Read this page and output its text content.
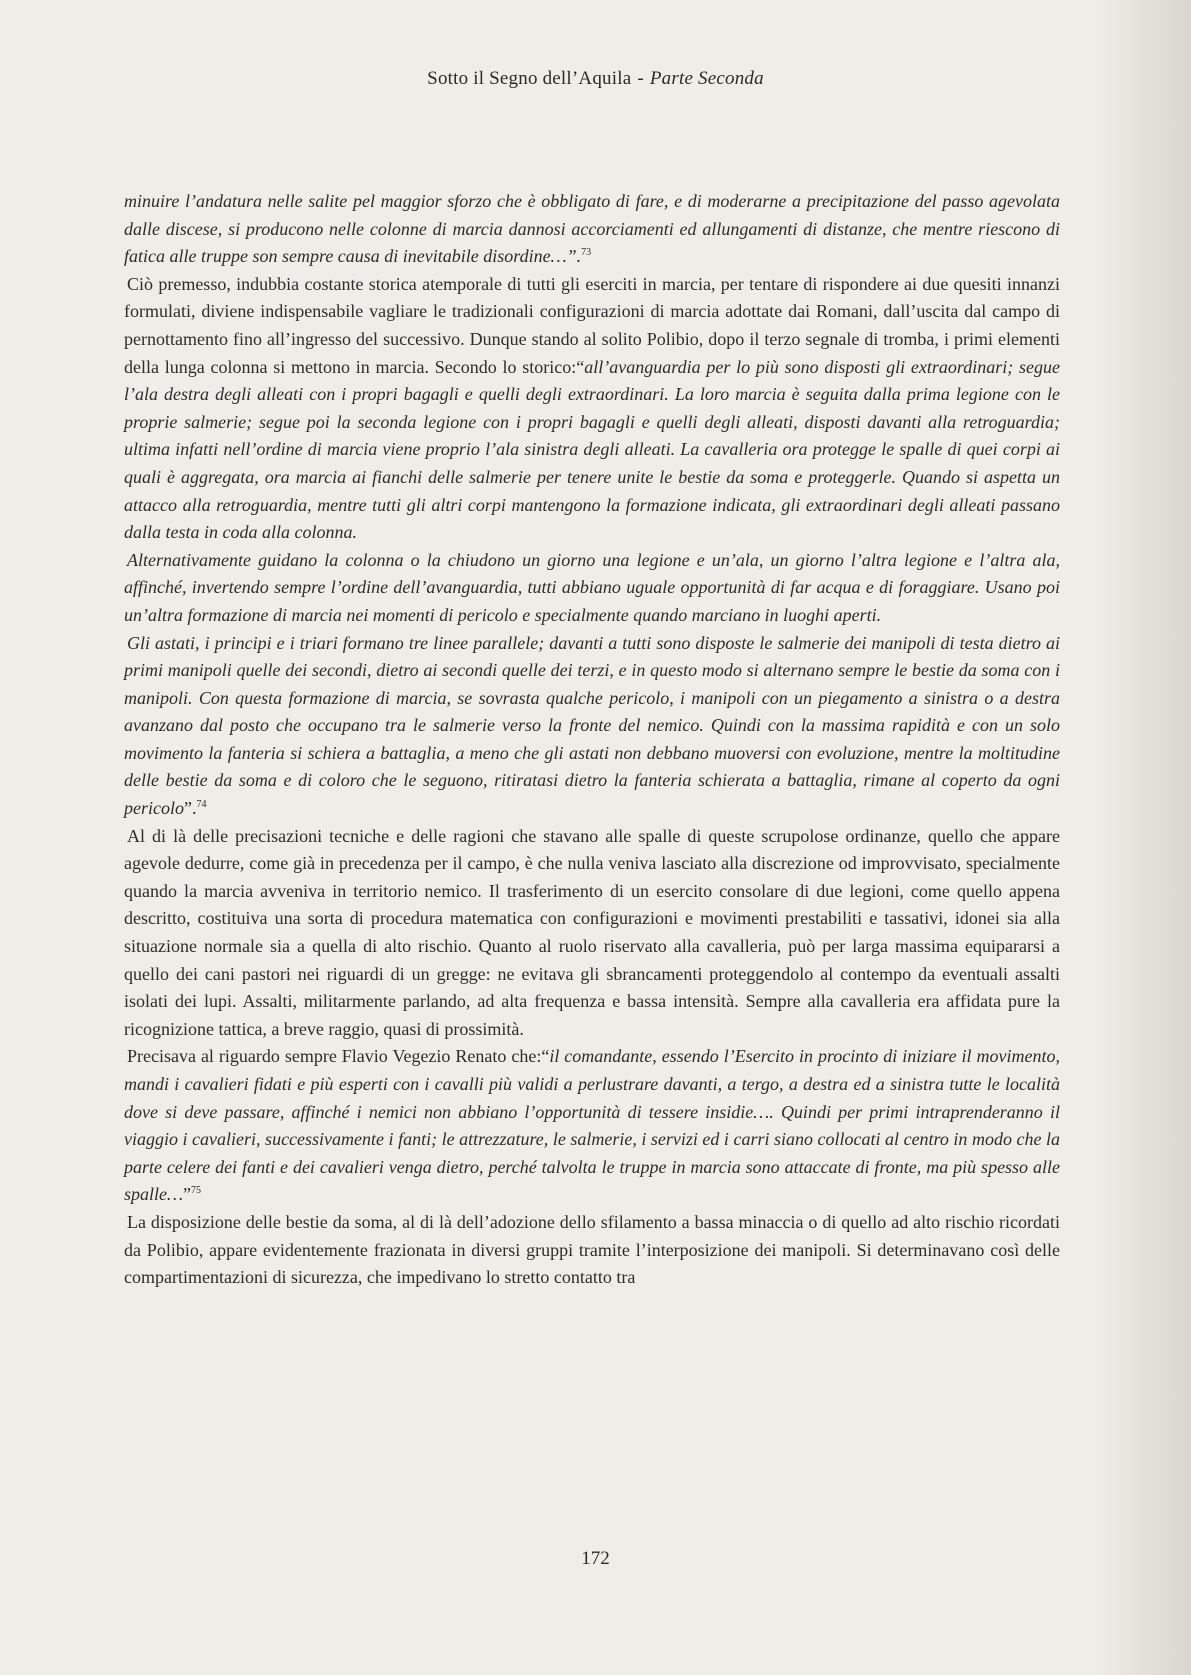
Sotto il Segno dell’Aquila - Parte Seconda

minuire l’andatura nelle salite pel maggior sforzo che è obbligato di fare, e di moderarne a precipitazione del passo agevolata dalle discese, si producono nelle colonne di marcia dannosi accorciamenti ed allungamenti di distanze, che mentre riescono di fatica alle truppe son sempre causa di inevitabile disordine…”.$^{73}$

Ciò premesso, indubbia costante storica atemporale di tutti gli eserciti in marcia, per tentare di rispondere ai due quesiti innanzi formulati, diviene indispensabile vagliare le tradizionali configurazioni di marcia adottate dai Romani, dall’uscita dal campo di pernottamento fino all’ingresso del successivo. Dunque stando al solito Polibio, dopo il terzo segnale di tromba, i primi elementi della lunga colonna si mettono in marcia. Secondo lo storico:“all’avanguardia per lo più sono disposti gli extraordinari; segue l’ala destra degli alleati con i propri bagagli e quelli degli extraordinari. La loro marcia è seguita dalla prima legione con le proprie salmerie; segue poi la seconda legione con i propri bagagli e quelli degli alleati, disposti davanti alla retroguardia; ultima infatti nell’ordine di marcia viene proprio l’ala sinistra degli alleati. La cavalleria ora protegge le spalle di quei corpi ai quali è aggregata, ora marcia ai fianchi delle salmerie per tenere unite le bestie da soma e proteggerle. Quando si aspetta un attacco alla retroguardia, mentre tutti gli altri corpi mantengono la formazione indicata, gli extraordinari degli alleati passano dalla testa in coda alla colonna.

Alternativamente guidano la colonna o la chiudono un giorno una legione e un’ala, un giorno l’altra legione e l’altra ala, affinché, invertendo sempre l’ordine dell’avanguardia, tutti abbiano uguale opportunità di far acqua e di foraggiare. Usano poi un’altra formazione di marcia nei momenti di pericolo e specialmente quando marciano in luoghi aperti.

Gli astati, i principi e i triari formano tre linee parallele; davanti a tutti sono disposte le salmerie dei manipoli di testa dietro ai primi manipoli quelle dei secondi, dietro ai secondi quelle dei terzi, e in questo modo si alternano sempre le bestie da soma con i manipoli. Con questa formazione di marcia, se sovrasta qualche pericolo, i manipoli con un piegamento a sinistra o a destra avanzano dal posto che occupano tra le salmerie verso la fronte del nemico. Quindi con la massima rapidità e con un solo movimento la fanteria si schiera a battaglia, a meno che gli astati non debbano muoversi con evoluzione, mentre la moltitudine delle bestie da soma e di coloro che le seguono, ritiratasi dietro la fanteria schierata a battaglia, rimane al coperto da ogni pericolo”.$^{74}$

Al di là delle precisazioni tecniche e delle ragioni che stavano alle spalle di queste scrupolose ordinanze, quello che appare agevole dedurre, come già in precedenza per il campo, è che nulla veniva lasciato alla discrezione od improvvisato, specialmente quando la marcia avveniva in territorio nemico. Il trasferimento di un esercito consolare di due legioni, come quello appena descritto, costituiva una sorta di procedura matematica con configurazioni e movimenti prestabiliti e tassativi, idonei sia alla situazione normale sia a quella di alto rischio. Quanto al ruolo riservato alla cavalleria, può per larga massima equipararsi a quello dei cani pastori nei riguardi di un gregge: ne evitava gli sbrancamenti proteggendolo al contempo da eventuali assalti isolati dei lupi. Assalti, militarmente parlando, ad alta frequenza e bassa intensità. Sempre alla cavalleria era affidata pure la ricognizione tattica, a breve raggio, quasi di prossimità.

Precisava al riguardo sempre Flavio Vegezio Renato che:“il comandante, essendo l’Esercito in procinto di iniziare il movimento, mandi i cavalieri fidati e più esperti con i cavalli più validi a perlustrare davanti, a tergo, a destra ed a sinistra tutte le località dove si deve passare, affinché i nemici non abbiano l’opportunità di tessere insidie…. Quindi per primi intraprenderanno il viaggio i cavalieri, successivamente i fanti; le attrezzature, le salmerie, i servizi ed i carri siano collocati al centro in modo che la parte celere dei fanti e dei cavalieri venga dietro, perché talvolta le truppe in marcia sono attaccate di fronte, ma più spesso alle spalle…”$^{75}$

La disposizione delle bestie da soma, al di là dell’adozione dello sfilamento a bassa minaccia o di quello ad alto rischio ricordati da Polibio, appare evidentemente frazionata in diversi gruppi tramite l’interposizione dei manipoli. Si determinavano così delle compartimentazioni di sicurezza, che impedivano lo stretto contatto tra

172
